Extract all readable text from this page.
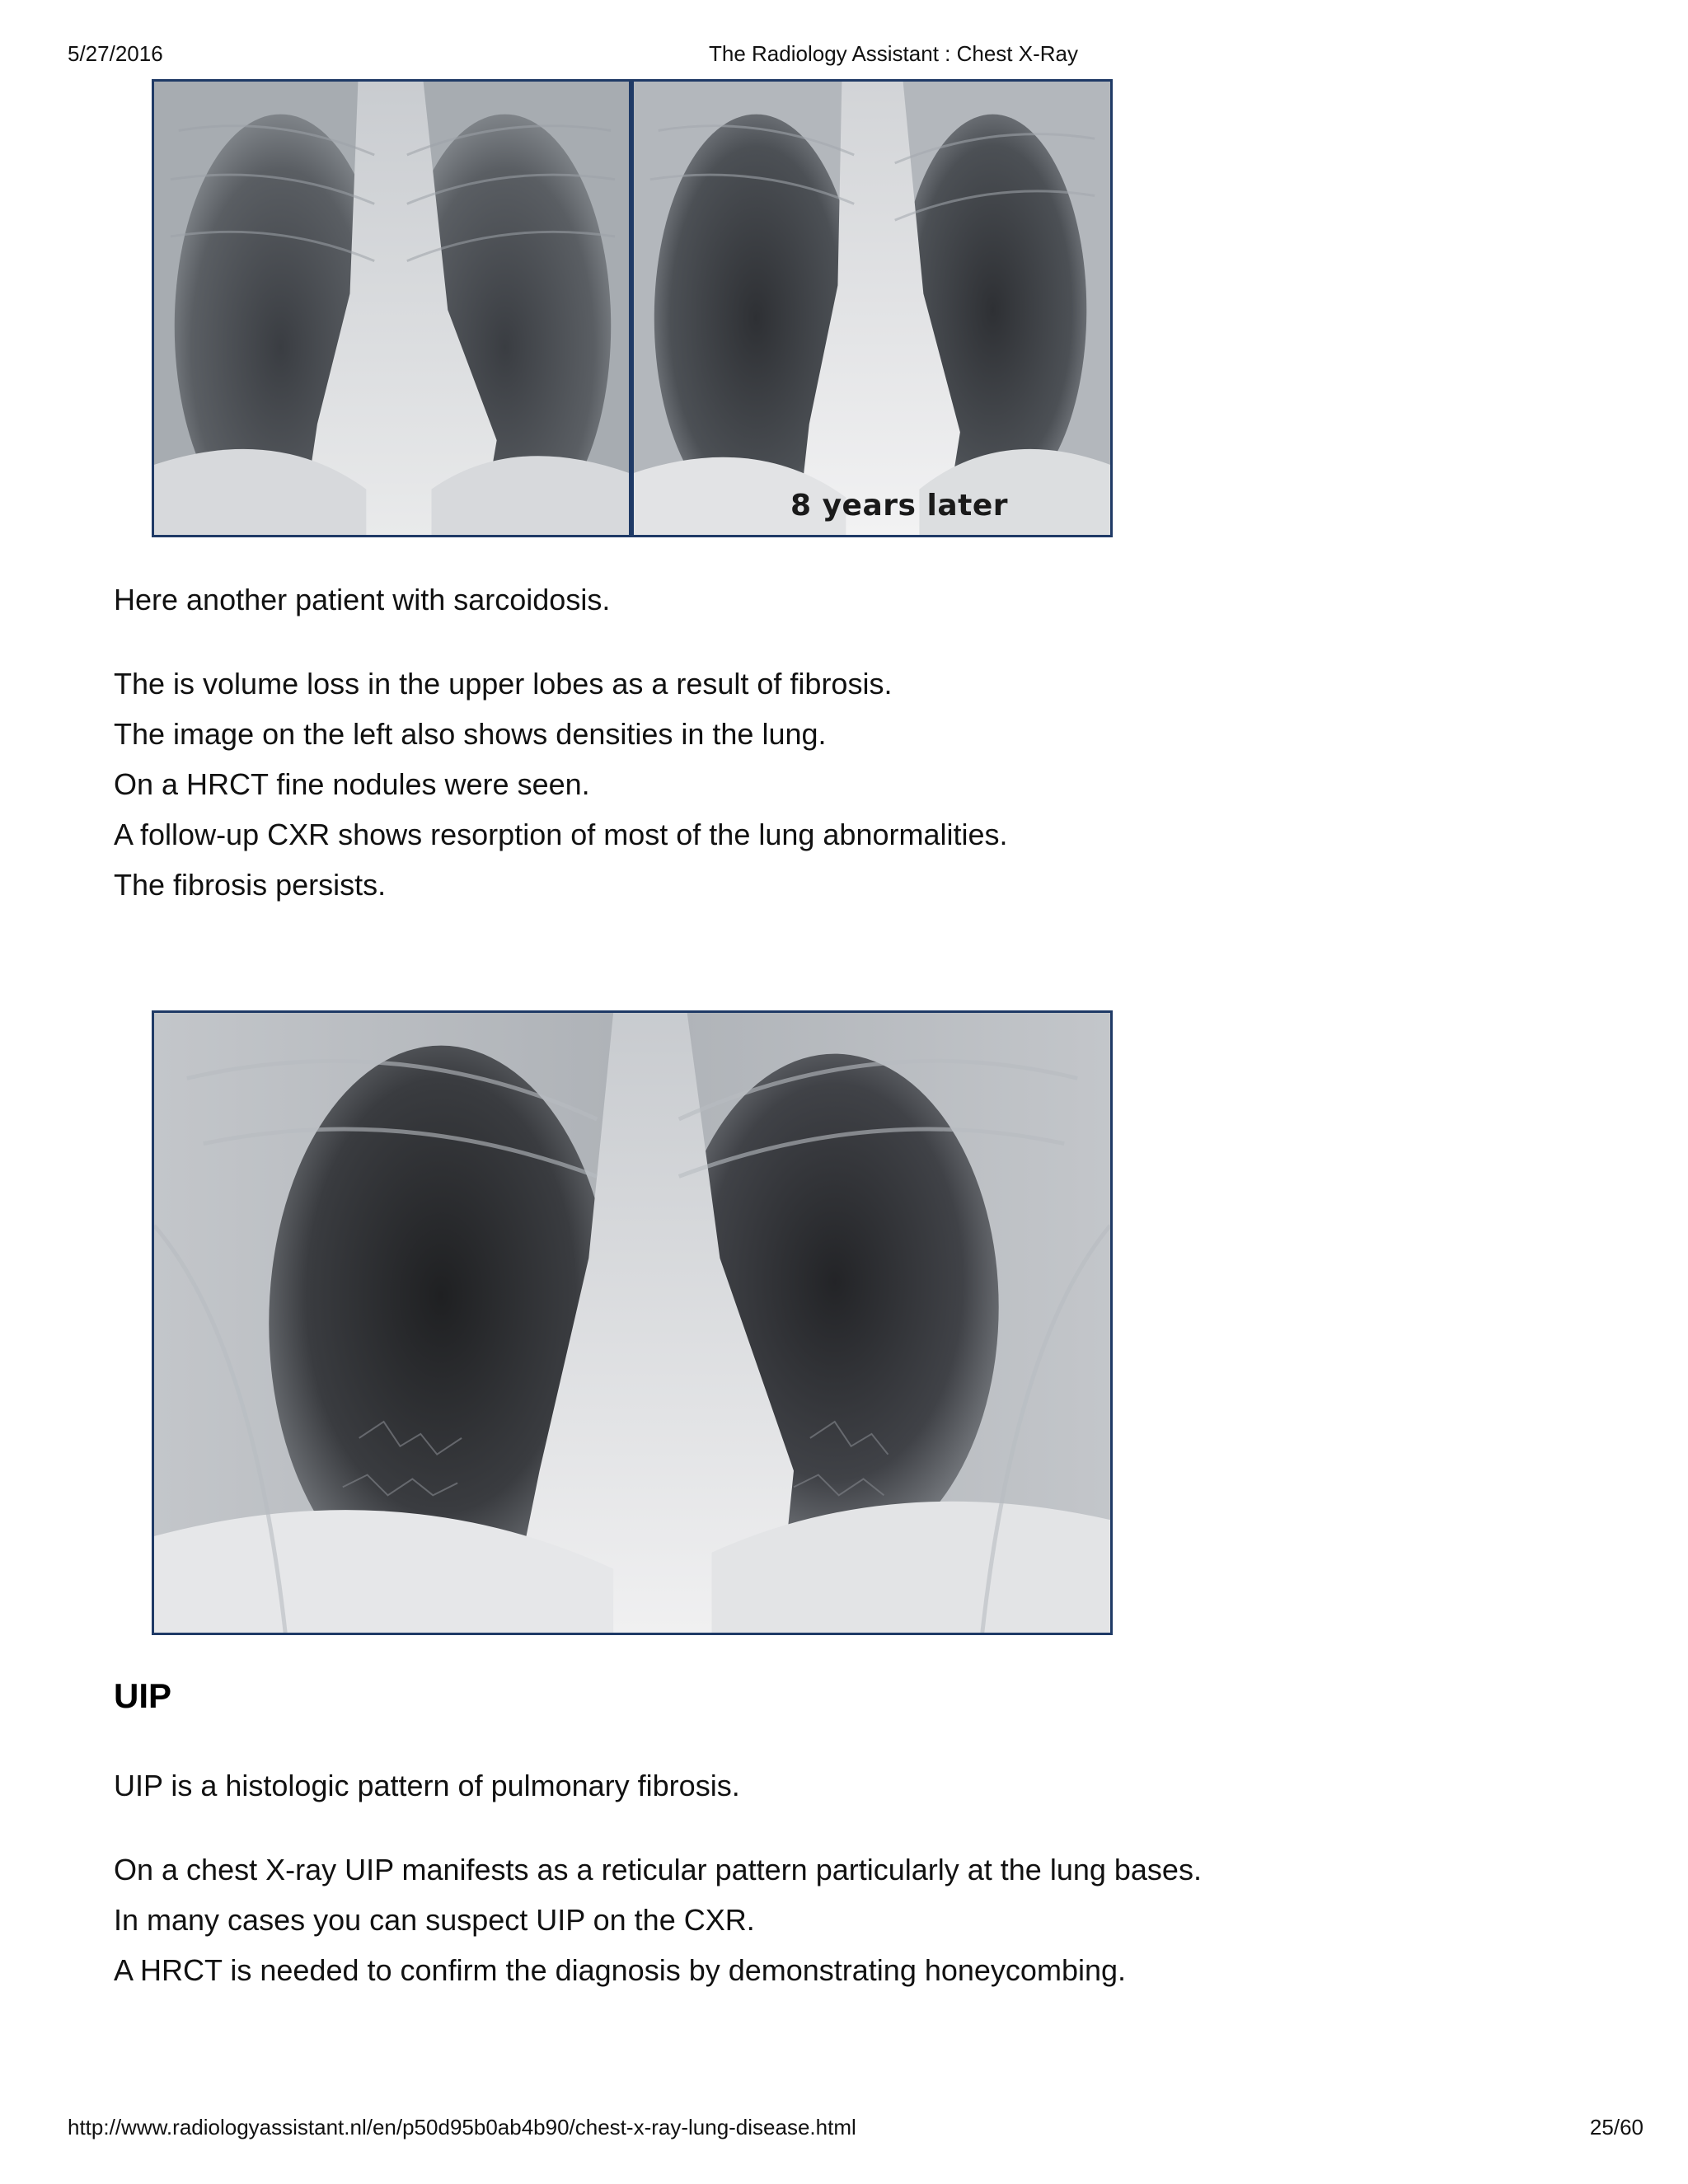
5/27/2016	The Radiology Assistant : Chest X-Ray
8 years later

Here another patient with sarcoidosis.

The is volume loss in the upper lobes as a result of fibrosis.
The image on the left also shows densities in the lung.
On a HRCT fine nodules were seen.
A follow-up CXR shows resorption of most of the lung abnormalities.
The fibrosis persists.
UIP

UIP is a histologic pattern of pulmonary fibrosis.

On a chest X-ray UIP manifests as a reticular pattern particularly at the lung bases.
In many cases you can suspect UIP on the CXR.
A HRCT is needed to confirm the diagnosis by demonstrating honeycombing.
http://www.radiologyassistant.nl/en/p50d95b0ab4b90/chest-x-ray-lung-disease.html	25/60
